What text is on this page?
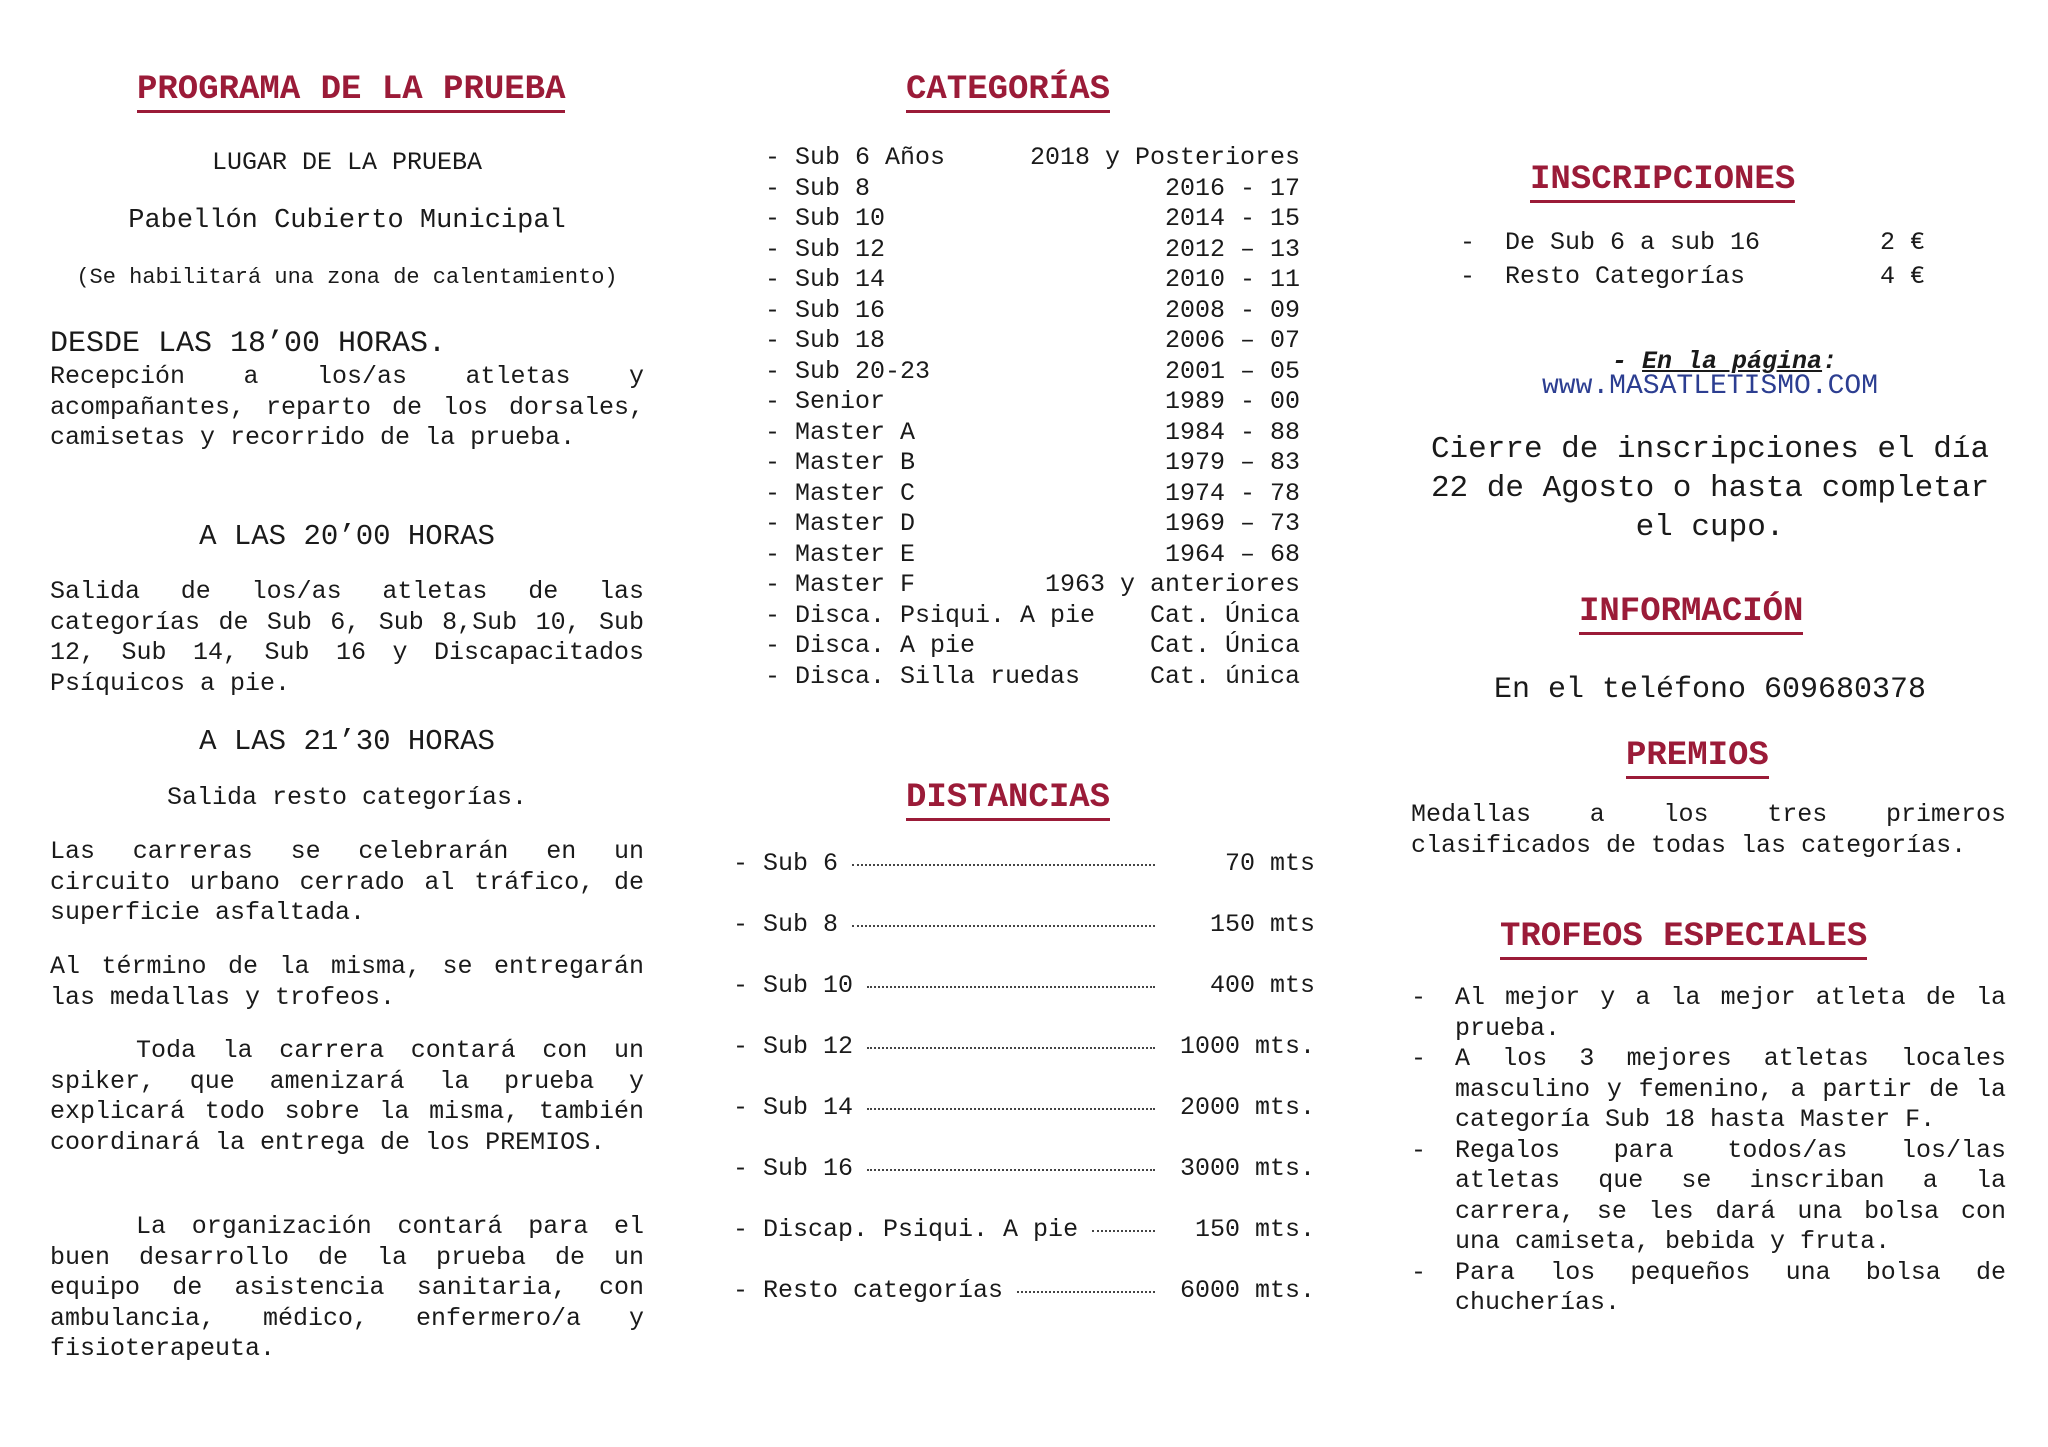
PROGRAMA DE LA PRUEBA
LUGAR DE LA PRUEBA
Pabellón Cubierto Municipal
(Se habilitará una zona de calentamiento)
DESDE LAS 18’00 HORAS.

Recepción a los/as atletas y acompañantes, reparto de los dorsales, camisetas y recorrido de la prueba.

A LAS 20’00 HORAS

Salida de los/as atletas de las categorías de Sub 6, Sub 8,Sub 10, Sub 12, Sub 14, Sub 16 y Discapacitados Psíquicos a pie.

A LAS 21’30 HORAS
Salida resto categorías.

Las carreras se celebrarán en un circuito urbano cerrado al tráfico, de superficie asfaltada.

Al término de la misma, se entregarán las medallas y trofeos.

Toda la carrera contará con un spiker, que amenizará la prueba y explicará todo sobre la misma, también coordinará la entrega de los PREMIOS.

La organización contará para el buen desarrollo de la prueba de un equipo de asistencia sanitaria, con ambulancia, médico, enfermero/a y fisioterapeuta.

CATEGORÍAS
- Sub 6 Años	2018 y Posteriores
- Sub 8	2016 - 17
- Sub 10	2014 - 15
- Sub 12	2012 – 13
- Sub 14	2010 - 11
- Sub 16	2008 - 09
- Sub 18	2006 – 07
- Sub 20-23	2001 – 05
- Senior	1989 - 00
- Master A	1984 - 88
- Master B	1979 – 83
- Master C	1974 - 78
- Master D	1969 – 73
- Master E	1964 – 68
- Master F	1963 y anteriores
- Disca. Psiqui. A pie Cat. Única
- Disca. A pie	Cat. Única
- Disca. Silla ruedas	Cat. única
DISTANCIAS
- Sub 6	70 mts
- Sub 8	150 mts
- Sub 10	400 mts
- Sub 12	1000 mts.
- Sub 14	2000 mts.
- Sub 16	3000 mts.
- Discap. Psiqui. A pie	150 mts.
- Resto categorías	6000 mts.
INSCRIPCIONES
-  De Sub 6 a sub 16	2 €
-  Resto Categorías	4 €

- En la página:

www.MASATLETISMO.COM
Cierre de inscripciones el día 22 de Agosto o hasta completar el cupo.
INFORMACIÓN
En el teléfono 609680378
PREMIOS

Medallas a los tres primeros clasificados de todas las categorías.

TROFEOS ESPECIALES
-	Al mejor y a la mejor atleta de la prueba.
-	A los 3 mejores atletas locales masculino y femenino, a partir de la categoría Sub 18 hasta Master F.
-	Regalos para todos/as los/las atletas que se inscriban a la carrera, se les dará una bolsa con una camiseta, bebida y fruta.
-	Para los pequeños una bolsa de chucherías.
